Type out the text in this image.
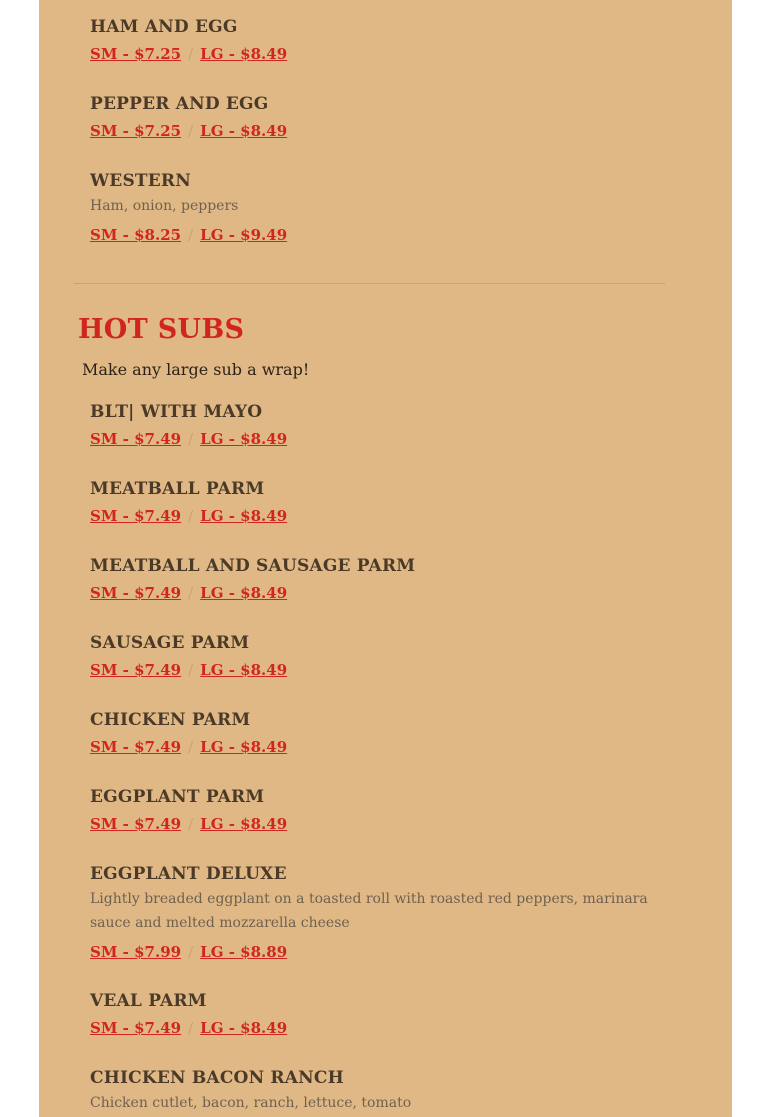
HAM AND EGG
SM - $7.25 / LG - $8.49
PEPPER AND EGG
SM - $7.25 / LG - $8.49
WESTERN
Ham, onion, peppers
SM - $8.25 / LG - $9.49
HOT SUBS
Make any large sub a wrap!
BLT| WITH MAYO
SM - $7.49 / LG - $8.49
MEATBALL PARM
SM - $7.49 / LG - $8.49
MEATBALL AND SAUSAGE PARM
SM - $7.49 / LG - $8.49
SAUSAGE PARM
SM - $7.49 / LG - $8.49
CHICKEN PARM
SM - $7.49 / LG - $8.49
EGGPLANT PARM
SM - $7.49 / LG - $8.49
EGGPLANT DELUXE
Lightly breaded eggplant on a toasted roll with roasted red peppers, marinara sauce and melted mozzarella cheese
SM - $7.99 / LG - $8.89
VEAL PARM
SM - $7.49 / LG - $8.49
CHICKEN BACON RANCH
Chicken cutlet, bacon, ranch, lettuce, tomato
